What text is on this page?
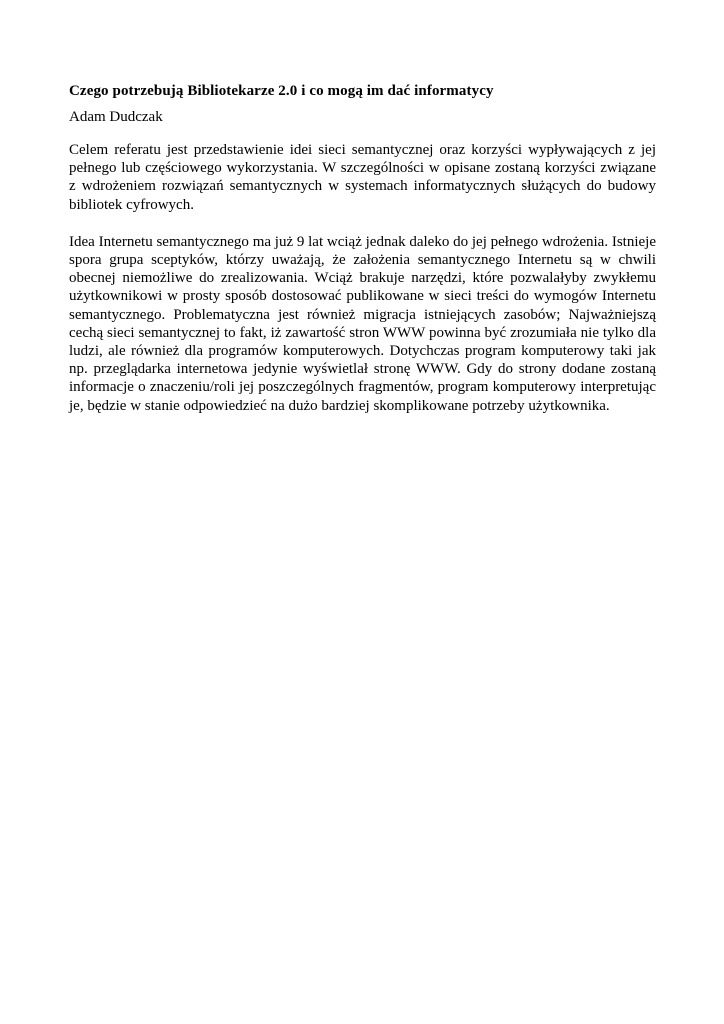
Czego potrzebują Bibliotekarze 2.0 i co mogą im dać informatycy

Adam Dudczak

Celem referatu jest przedstawienie idei sieci semantycznej oraz korzyści wypływających z jej pełnego lub częściowego wykorzystania. W szczególności w opisane zostaną korzyści związane z wdrożeniem rozwiązań semantycznych w systemach informatycznych służących do budowy bibliotek cyfrowych.

Idea Internetu semantycznego ma już 9 lat wciąż jednak daleko do jej pełnego wdrożenia. Istnieje spora grupa sceptyków, którzy uważają, że założenia semantycznego Internetu są w chwili obecnej niemożliwe do zrealizowania. Wciąż brakuje narzędzi, które pozwalałyby zwykłemu użytkownikowi w prosty sposób dostosować publikowane w sieci treści do wymogów Internetu semantycznego. Problematyczna jest również migracja istniejących zasobów; Najważniejszą cechą sieci semantycznej to fakt, iż zawartość stron WWW powinna być zrozumiała nie tylko dla ludzi, ale również dla programów komputerowych. Dotychczas program komputerowy taki jak np. przeglądarka internetowa jedynie wyświetlał stronę WWW. Gdy do strony dodane zostaną informacje o znaczeniu/roli jej poszczególnych fragmentów, program komputerowy interpretując je, będzie w stanie odpowiedzieć na dużo bardziej skomplikowane potrzeby użytkownika.
